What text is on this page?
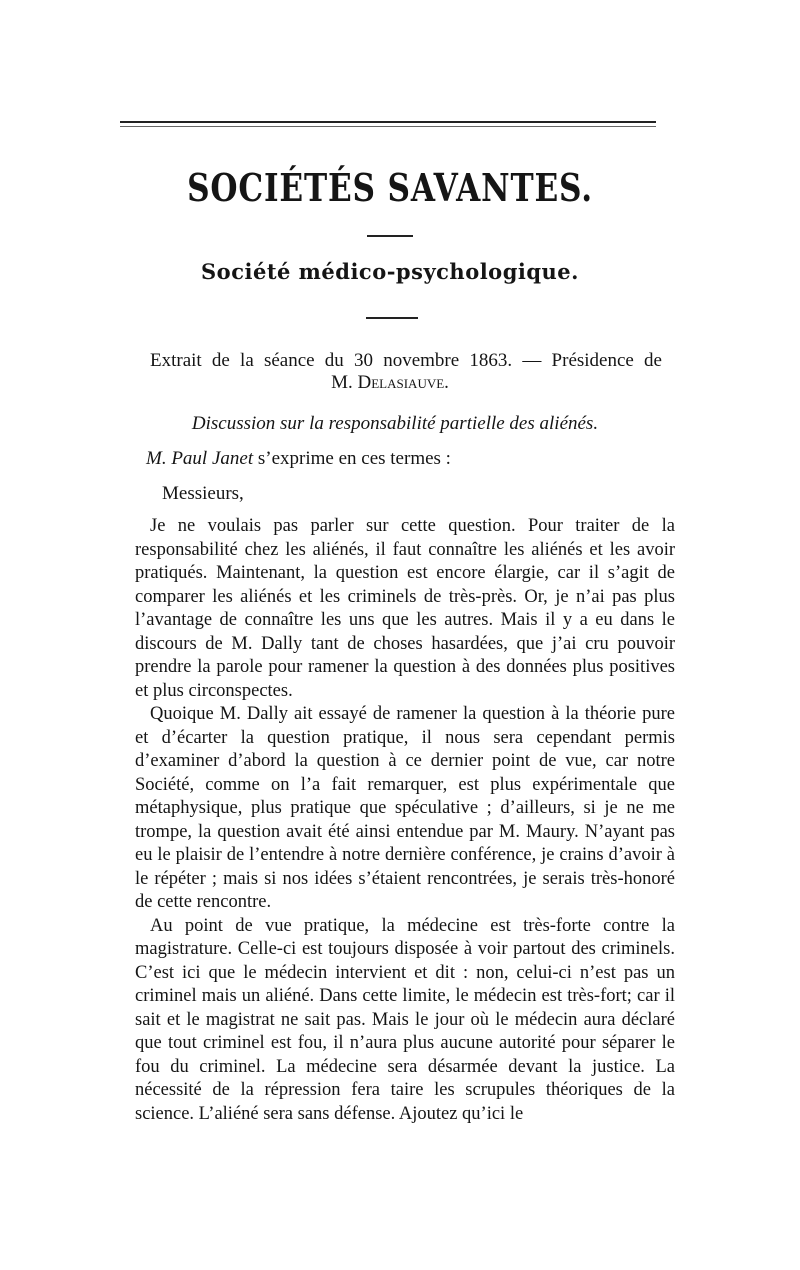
SOCIÉTÉS SAVANTES.
Société médico-psychologique.
Extrait de la séance du 30 novembre 1863. — Présidence de
M. Delasiauve.
Discussion sur la responsabilité partielle des aliénés.
M. Paul Janet s’exprime en ces termes :
Messieurs,

Je ne voulais pas parler sur cette question. Pour traiter de la responsabilité chez les aliénés, il faut connaître les aliénés et les avoir pratiqués. Maintenant, la question est encore élargie, car il s’agit de comparer les aliénés et les criminels de très-près. Or, je n’ai pas plus l’avantage de connaître les uns que les autres. Mais il y a eu dans le discours de M. Dally tant de choses hasardées, que j’ai cru pouvoir prendre la parole pour ramener la question à des données plus positives et plus circonspectes.

Quoique M. Dally ait essayé de ramener la question à la théorie pure et d’écarter la question pratique, il nous sera cependant permis d’examiner d’abord la question à ce dernier point de vue, car notre Société, comme on l’a fait remarquer, est plus expérimentale que métaphysique, plus pratique que spéculative ; d’ailleurs, si je ne me trompe, la question avait été ainsi entendue par M. Maury. N’ayant pas eu le plaisir de l’entendre à notre dernière conférence, je crains d’avoir à le répéter ; mais si nos idées s’étaient rencontrées, je serais très-honoré de cette rencontre.

Au point de vue pratique, la médecine est très-forte contre la magistrature. Celle-ci est toujours disposée à voir partout des criminels. C’est ici que le médecin intervient et dit : non, celui-ci n’est pas un criminel mais un aliéné. Dans cette limite, le médecin est très-fort; car il sait et le magistrat ne sait pas. Mais le jour où le médecin aura déclaré que tout criminel est fou, il n’aura plus aucune autorité pour séparer le fou du criminel. La médecine sera désarmée devant la justice. La nécessité de la répression fera taire les scrupules théoriques de la science. L’aliéné sera sans défense. Ajoutez qu’ici le
